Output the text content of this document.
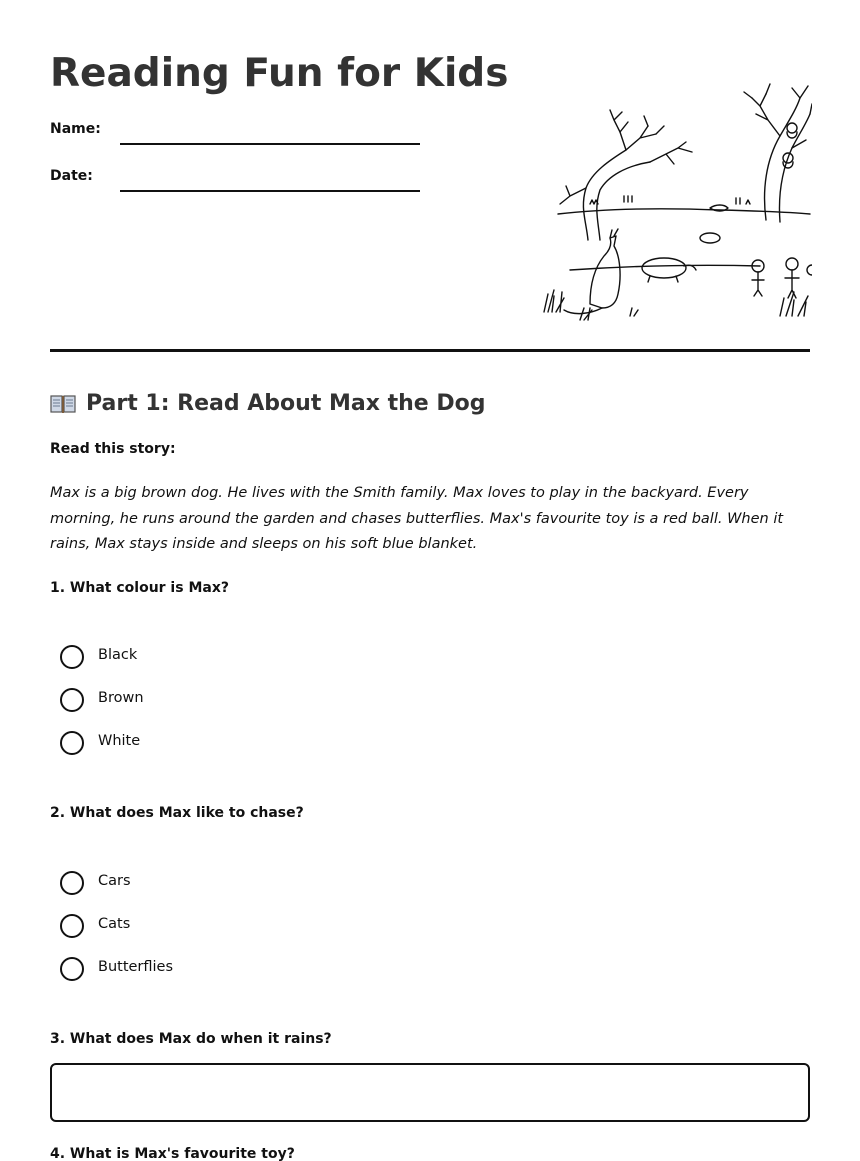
Reading Fun for Kids
Name:
Date:
Part 1: Read About Max the Dog
Read this story:

Max is a big brown dog. He lives with the Smith family. Max loves to play in the backyard. Every morning, he runs around the garden and chases butterflies. Max's favourite toy is a red ball. When it rains, Max stays inside and sleeps on his soft blue blanket.

1. What colour is Max?
Black
Brown
White
2. What does Max like to chase?
Cars
Cats
Butterflies
3. What does Max do when it rains?
4. What is Max's favourite toy?
